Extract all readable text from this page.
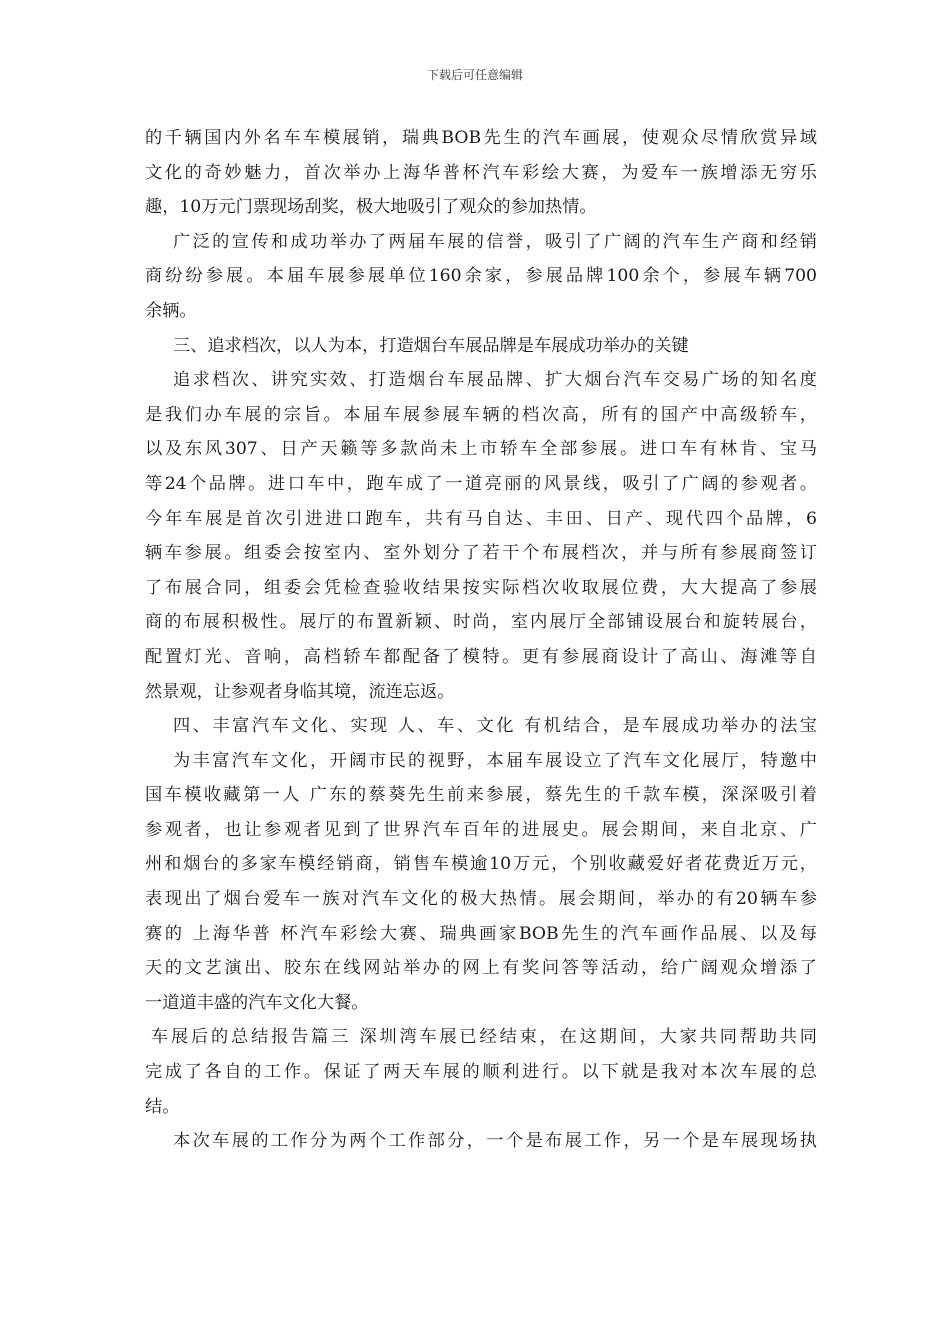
下载后可任意编辑
的千辆国内外名车车模展销，瑞典BOB先生的汽车画展，使观众尽情欣赏异域
文化的奇妙魅力，首次举办上海华普杯汽车彩绘大赛，为爱车一族增添无穷乐
趣，10万元门票现场刮奖，极大地吸引了观众的参加热情。
广泛的宣传和成功举办了两届车展的信誉，吸引了广阔的汽车生产商和经销
商纷纷参展。本届车展参展单位160余家，参展品牌100余个，参展车辆700
余辆。
三、追求档次，以人为本，打造烟台车展品牌是车展成功举办的关键
追求档次、讲究实效、打造烟台车展品牌、扩大烟台汽车交易广场的知名度
是我们办车展的宗旨。本届车展参展车辆的档次高，所有的国产中高级轿车，
以及东风307、日产天籁等多款尚未上市轿车全部参展。进口车有林肯、宝马
等24个品牌。进口车中，跑车成了一道亮丽的风景线，吸引了广阔的参观者。
今年车展是首次引进进口跑车，共有马自达、丰田、日产、现代四个品牌，6
辆车参展。组委会按室内、室外划分了若干个布展档次，并与所有参展商签订
了布展合同，组委会凭检查验收结果按实际档次收取展位费，大大提高了参展
商的布展积极性。展厅的布置新颖、时尚，室内展厅全部铺设展台和旋转展台，
配置灯光、音响，高档轿车都配备了模特。更有参展商设计了高山、海滩等自
然景观，让参观者身临其境，流连忘返。
四、丰富汽车文化、实现 人、车、文化 有机结合，是车展成功举办的法宝
为丰富汽车文化，开阔市民的视野，本届车展设立了汽车文化展厅，特邀中
国车模收藏第一人 广东的蔡葵先生前来参展，蔡先生的千款车模，深深吸引着
参观者，也让参观者见到了世界汽车百年的进展史。展会期间，来自北京、广
州和烟台的多家车模经销商，销售车模逾10万元，个别收藏爱好者花费近万元，
表现出了烟台爱车一族对汽车文化的极大热情。展会期间，举办的有20辆车参
赛的 上海华普 杯汽车彩绘大赛、瑞典画家BOB先生的汽车画作品展、以及每
天的文艺演出、胶东在线网站举办的网上有奖问答等活动，给广阔观众增添了
一道道丰盛的汽车文化大餐。
车展后的总结报告篇三 深圳湾车展已经结束，在这期间，大家共同帮助共同
完成了各自的工作。保证了两天车展的顺利进行。以下就是我对本次车展的总
结。
本次车展的工作分为两个工作部分，一个是布展工作，另一个是车展现场执
